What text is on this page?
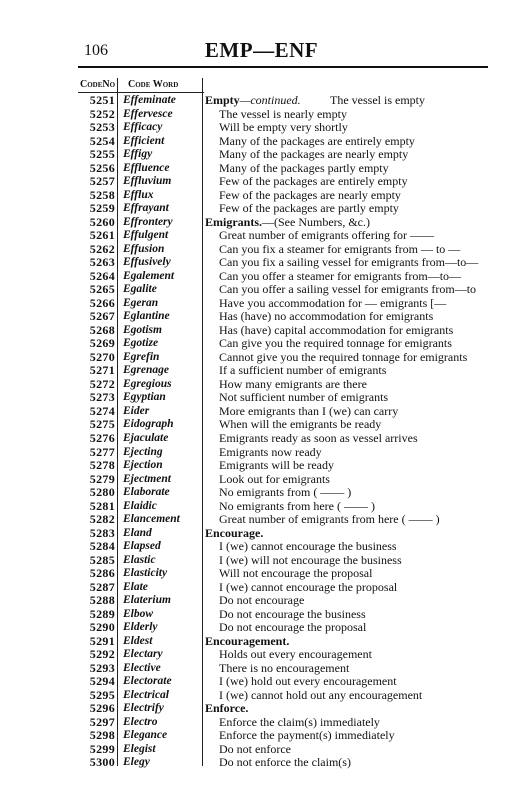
106	EMP—ENF
CodeNo Code Word
5251 Effeminate Empty—continued.	The vessel is empty
5252 Effervesce	The vessel is nearly empty
5253 Efficacy	Will be empty very shortly
5254 Efficient	Many of the packages are entirely empty
5255 Effigy	Many of the packages are nearly empty
5256 Effluence	Many of the packages partly empty
5257 Effluvium	Few of the packages are entirely empty
5258 Efflux	Few of the packages are nearly empty
5259 Effrayant	Few of the packages are partly empty
5260 Effrontery	Emigrants.—(See Numbers, &c.)
5261 Effulgent	Great number of emigrants offering for ——
5262 Effusion	Can you fix a steamer for emigrants from — to —
5263 Effusively	Can you fix a sailing vessel for emigrants from—to—
5264 Egalement	Can you offer a steamer for emigrants from—to—
5265 Egalite	Can you offer a sailing vessel for emigrants from—to
5266 Egeran	Have you accommodation for — emigrants [—
5267 Eglantine	Has (have) no accommodation for emigrants
5268 Egotism	Has (have) capital accommodation for emigrants
5269 Egotize	Can give you the required tonnage for emigrants
5270 Egrefin	Cannot give you the required tonnage for emigrants
5271 Egrenage	If a sufficient number of emigrants
5272 Egregious	How many emigrants are there
5273 Egyptian	Not sufficient number of emigrants
5274 Eider	More emigrants than I (we) can carry
5275 Eidograph	When will the emigrants be ready
5276 Ejaculate	Emigrants ready as soon as vessel arrives
5277 Ejecting	Emigrants now ready
5278 Ejection	Emigrants will be ready
5279 Ejectment	Look out for emigrants
5280 Elaborate	No emigrants from ( —— )
5281 Elaidic	No emigrants from here ( —— )
5282 Elancement	Great number of emigrants from here ( —— )
5283 Eland	Encourage.
5284 Elapsed	I (we) cannot encourage the business
5285 Elastic	I (we) will not encourage the business
5286 Elasticity	Will not encourage the proposal
5287 Elate	I (we) cannot encourage the proposal
5288 Elaterium	Do not encourage
5289 Elbow	Do not encourage the business
5290 Elderly	Do not encourage the proposal
5291 Eldest	Encouragement.
5292 Electary	Holds out every encouragement
5293 Elective	There is no encouragement
5294 Electorate	I (we) hold out every encouragement
5295 Electrical	I (we) cannot hold out any encouragement
5296 Electrify	Enforce.
5297 Electro	Enforce the claim(s) immediately
5298 Elegance	Enforce the payment(s) immediately
5299 Elegist	Do not enforce
5300 Elegy	Do not enforce the claim(s)
